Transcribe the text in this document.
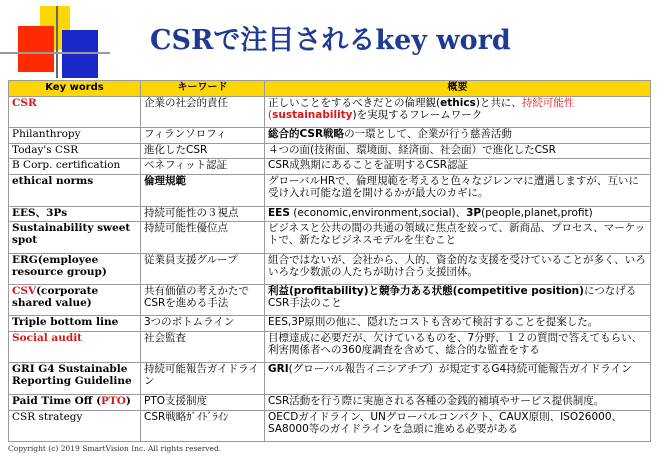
CSRで注目されるkey word
Key words	キーワード	概要
CSR	企業の社会的責任	正しいことをするべきだとの倫理観(ethics)と共に、持続可能性(sustainability)を実現するフレームワーク
Philanthropy	フィランソロフィ	総合的CSR戦略の一環として、企業が行う慈善活動
Today's CSR	進化したCSR	４つの面(技術面、環境面、経済面、社会面）で進化したCSR
B Corp. certification	ベネフィット認証	CSR成熟期にあることを証明するCSR認証
ethical norms	倫理規範	グローバルHRで、倫理規範を考えると色々なジレンマに遭遇しますが、互いに受け入れ可能な道を開けるかが最大のカギに。
EES、3Ps	持続可能性の３視点	EES (economic,environment,social)、3P(people,planet,profit)
Sustainability sweet spot	持続可能性優位点	ビジネスと公共の間の共通の領域に焦点を絞って、新商品、プロセス、マーケットで、新たなビジネスモデルを生むこと
ERG(employee resource group)	従業員支援グループ	組合ではないが、会社から、人的、資金的な支援を受けていることが多く、いろいろな少数派の人たちが助け合う支援団体。
CSV(corporate shared value)	共有価値の考えかたでCSRを進める手法	利益(profitability)と競争力ある状態(competitive position)につなげるCSR手法のこと
Triple bottom line	3つのボトムライン	EES,3P原則の他に、隠れたコストも含めて検討することを提案した。
Social audit	社会監査	目標達成に必要だが、欠けているものを、7分野、１２の質問で答えてもらい、利害関係者への360度調査を含めて、総合的な監査をする
GRI G4 Sustainable Reporting Guideline	持続可能報告ガイドライン	GRI(グローバル報告イニシアチブ）が規定するG4持続可能報告ガイドライン
Paid Time Off (PTO)	PTO支援制度	CSR活動を行う際に実施される各種の金銭的補填やサービス提供制度。
CSR strategy	CSR戦略ｶﾞｲﾄﾞﾗｲﾝ	OECDガイドライン、UNグローバルコンパクト、CAUX原則、ISO26000、SA8000等のガイドラインを急頭に進める必要がある
Copyright (c) 2019 SmartVision Inc. All rights reserved.
